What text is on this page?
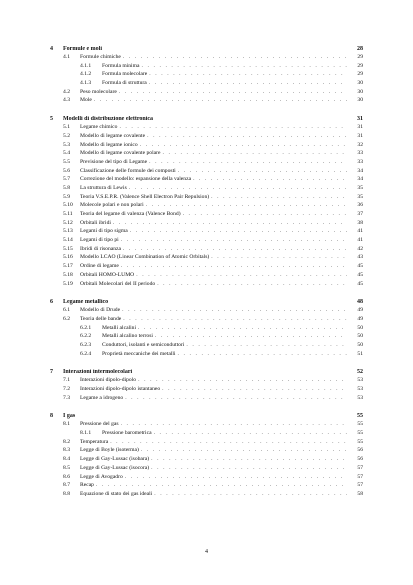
4	Formule e moli	28
4.1	Formule chimiche . . .	29
4.1.1	Formula minima . . .	29
4.1.2	Formula molecolare . . .	29
4.1.3	Formula di struttura . . .	30
4.2	Peso molecolare . . .	30
4.3	Mole . . .	30
5	Modelli di distribuzione elettronica	31
5.1	Legame chimico . . .	31
5.2	Modello di legame covalente . . .	31
5.3	Modello di legame ionico . . .	32
5.4	Modello di legame covalente polare . . .	33
5.5	Previsione del tipo di Legame . . .	33
5.6	Classificazione delle formule dei composti . . .	34
5.7	Correzione del modello: espansione della valenza . . .	34
5.8	La struttura di Lewis . . .	35
5.9	Teoria V.S.E.P.R. (Valence Shell Electron Pair Repulsion) . . .	35
5.10	Molecole polari e non polari . . .	36
5.11	Teoria del legame di valenza (Valence Bond) . . .	37
5.12	Orbitali ibridi . . .	38
5.13	Legami di tipo sigma . . .	41
5.14	Legami di tipo pi . . .	41
5.15	Ibridi di risonanza . . .	42
5.16	Modello LCAO (Linear Combination of Atomic Orbitals) . . .	43
5.17	Ordine di legame . . .	45
5.18	Orbitali HOMO-LUMO . . .	45
5.19	Orbitali Molecolari del II periodo . . .	45
6	Legame metallico	48
6.1	Modello di Drude . . .	49
6.2	Teoria delle bande . . .	49
6.2.1	Metalli alcalini . . .	50
6.2.2	Metalli alcalino terrosi . . .	50
6.2.3	Conduttori, isolanti e semiconduttori . . .	50
6.2.4	Proprietà meccaniche dei metalli . . .	51
7	Interazioni intermolecolari	52
7.1	Interazioni dipolo-dipolo . . .	53
7.2	Interazioni dipolo-dipolo istantaneo . . .	53
7.3	Legame a idrogeno . . .	53
8	I gas	55
8.1	Pressione del gas . . .	55
8.1.1	Pressione barometrica . . .	55
8.2	Temperatura . . .	55
8.3	Legge di Boyle (isoterma) . . .	56
8.4	Legge di Gay-Lussac (isobara) . . .	56
8.5	Legge di Gay-Lussac (isocora) . . .	57
8.6	Legge di Avogadro . . .	57
8.7	Recap . . .	57
8.8	Equazione di stato dei gas ideali . . .	58
4
